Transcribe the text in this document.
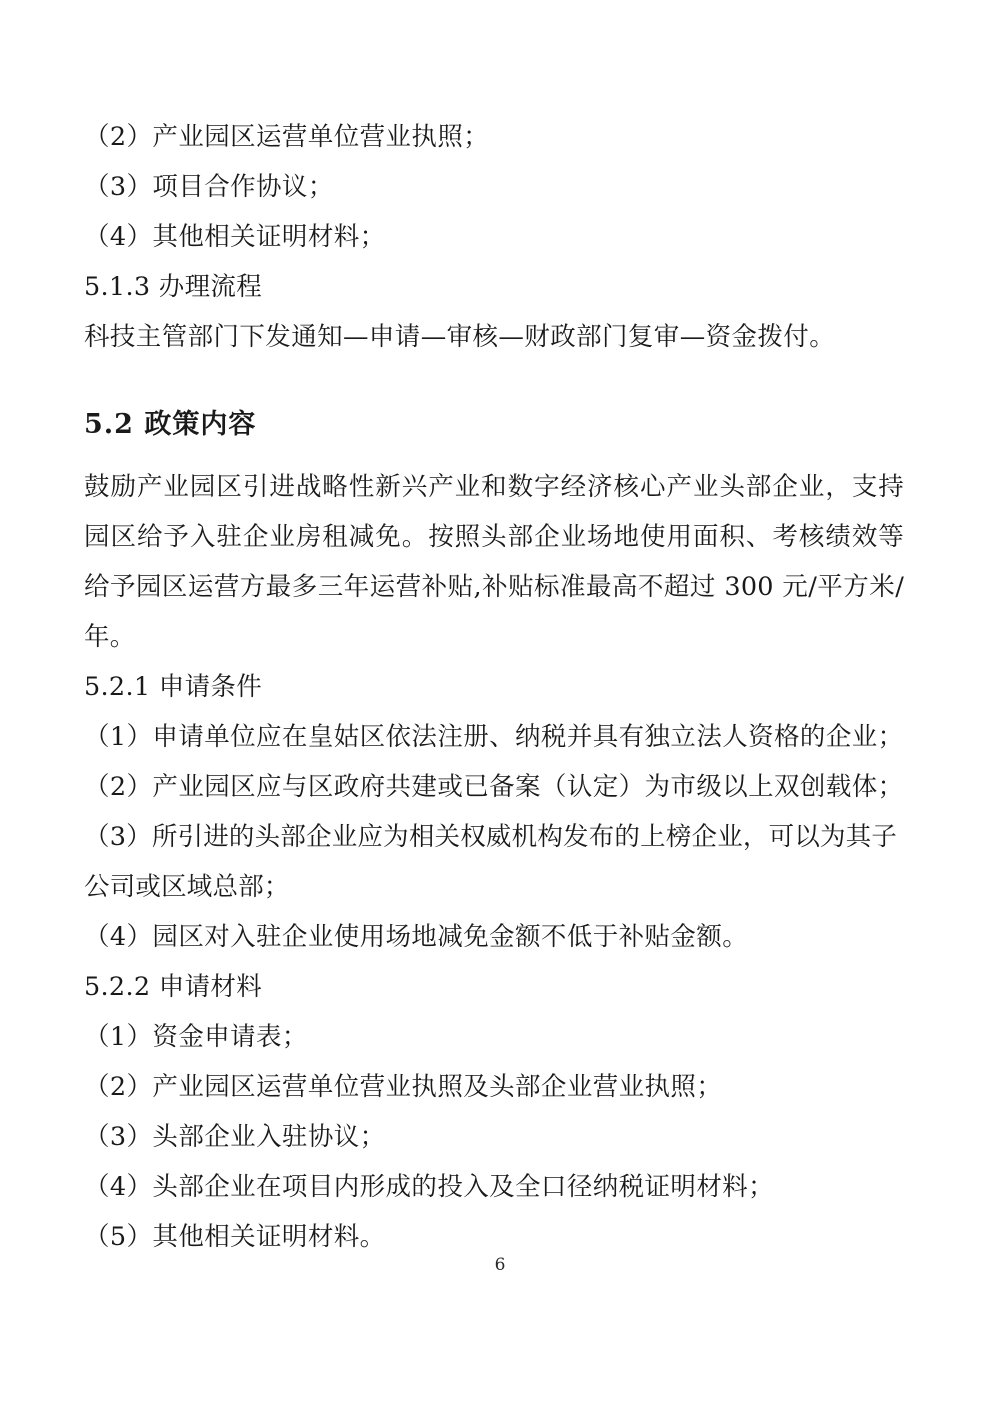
（2）产业园区运营单位营业执照；

（3）项目合作协议；

（4）其他相关证明材料；

5.1.3 办理流程

科技主管部门下发通知—申请—审核—财政部门复审—资金拨付。

5.2 政策内容

鼓励产业园区引进战略性新兴产业和数字经济核心产业头部企业，支持园区给予入驻企业房租减免。按照头部企业场地使用面积、考核绩效等给予园区运营方最多三年运营补贴,补贴标准最高不超过 300 元/平方米/年。

5.2.1 申请条件

（1）申请单位应在皇姑区依法注册、纳税并具有独立法人资格的企业；

（2）产业园区应与区政府共建或已备案（认定）为市级以上双创载体；

（3）所引进的头部企业应为相关权威机构发布的上榜企业，可以为其子公司或区域总部；

（4）园区对入驻企业使用场地减免金额不低于补贴金额。

5.2.2 申请材料

（1）资金申请表；

（2）产业园区运营单位营业执照及头部企业营业执照；

（3）头部企业入驻协议；

（4）头部企业在项目内形成的投入及全口径纳税证明材料；

（5）其他相关证明材料。

6
